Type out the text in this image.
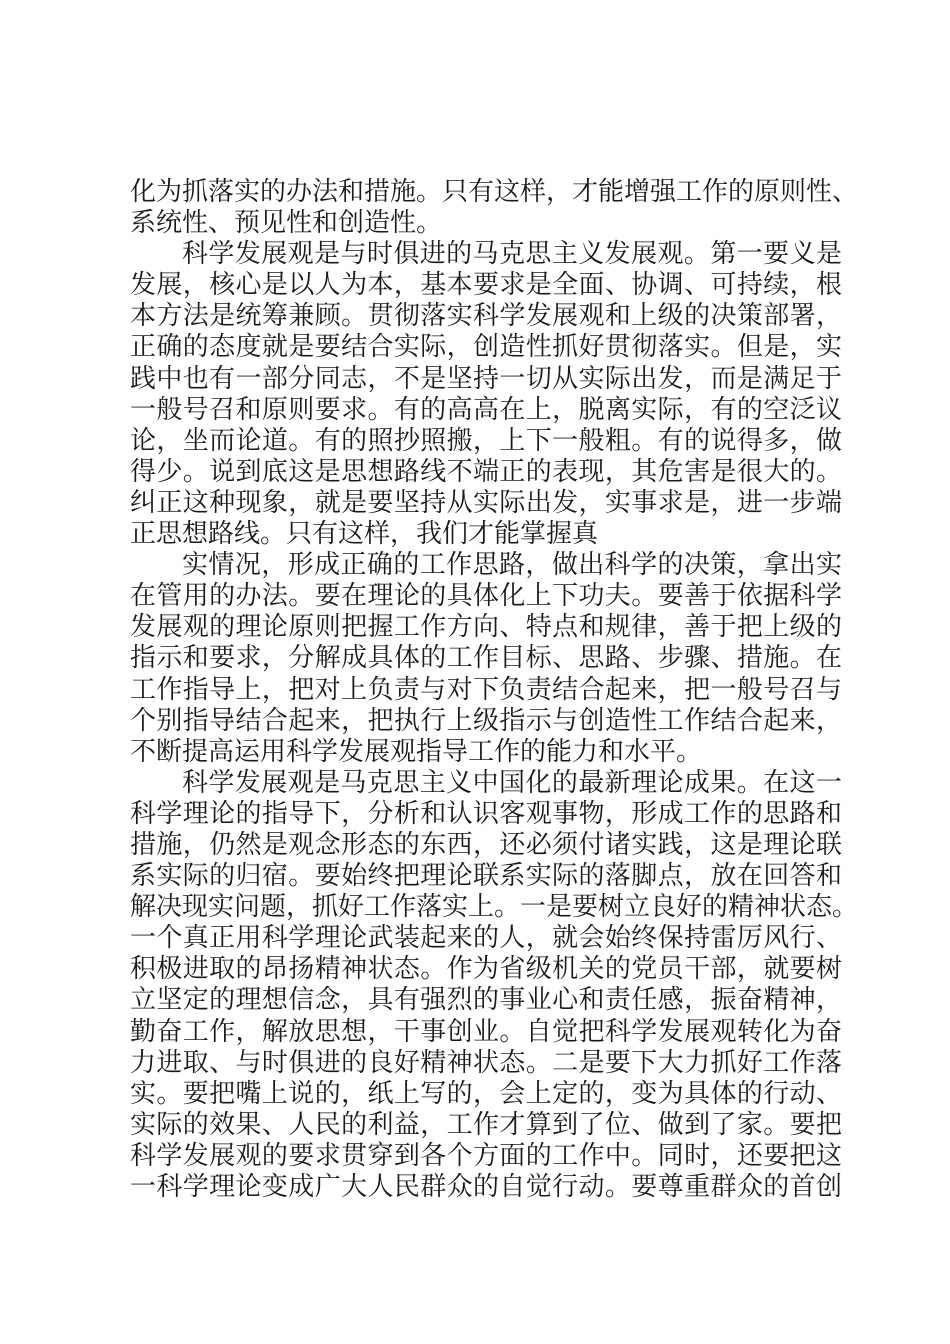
化为抓落实的办法和措施。只有这样，才能增强工作的原则性、
系统性、预见性和创造性。
科学发展观是与时俱进的马克思主义发展观。第一要义是
发展，核心是以人为本，基本要求是全面、协调、可持续，根
本方法是统筹兼顾。贯彻落实科学发展观和上级的决策部署，
正确的态度就是要结合实际，创造性抓好贯彻落实。但是，实
践中也有一部分同志，不是坚持一切从实际出发，而是满足于
一般号召和原则要求。有的高高在上，脱离实际，有的空泛议
论，坐而论道。有的照抄照搬，上下一般粗。有的说得多，做
得少。说到底这是思想路线不端正的表现，其危害是很大的。
纠正这种现象，就是要坚持从实际出发，实事求是，进一步端
正思想路线。只有这样，我们才能掌握真
实情况，形成正确的工作思路，做出科学的决策，拿出实
在管用的办法。要在理论的具体化上下功夫。要善于依据科学
发展观的理论原则把握工作方向、特点和规律，善于把上级的
指示和要求，分解成具体的工作目标、思路、步骤、措施。在
工作指导上，把对上负责与对下负责结合起来，把一般号召与
个别指导结合起来，把执行上级指示与创造性工作结合起来，
不断提高运用科学发展观指导工作的能力和水平。
科学发展观是马克思主义中国化的最新理论成果。在这一
科学理论的指导下，分析和认识客观事物，形成工作的思路和
措施，仍然是观念形态的东西，还必须付诸实践，这是理论联
系实际的归宿。要始终把理论联系实际的落脚点，放在回答和
解决现实问题，抓好工作落实上。一是要树立良好的精神状态。
一个真正用科学理论武装起来的人，就会始终保持雷厉风行、
积极进取的昂扬精神状态。作为省级机关的党员干部，就要树
立坚定的理想信念，具有强烈的事业心和责任感，振奋精神，
勤奋工作，解放思想，干事创业。自觉把科学发展观转化为奋
力进取、与时俱进的良好精神状态。二是要下大力抓好工作落
实。要把嘴上说的，纸上写的，会上定的，变为具体的行动、
实际的效果、人民的利益，工作才算到了位、做到了家。要把
科学发展观的要求贯穿到各个方面的工作中。同时，还要把这
一科学理论变成广大人民群众的自觉行动。要尊重群众的首创
